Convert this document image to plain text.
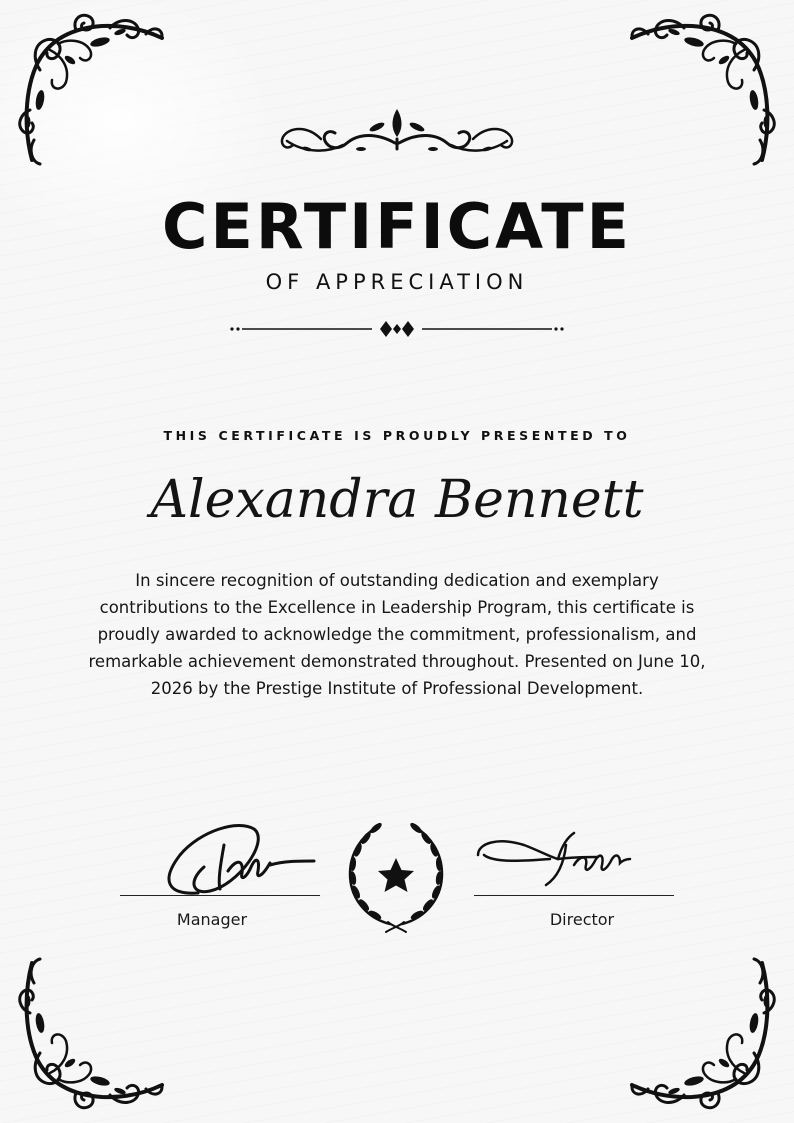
CERTIFICATE
OF APPRECIATION
THIS CERTIFICATE IS PROUDLY PRESENTED TO
Alexandra Bennett
In sincere recognition of outstanding dedication and exemplary contributions to the Excellence in Leadership Program, this certificate is proudly awarded to acknowledge the commitment, professionalism, and remarkable achievement demonstrated throughout. Presented on June 10, 2026 by the Prestige Institute of Professional Development.
Manager	Director
